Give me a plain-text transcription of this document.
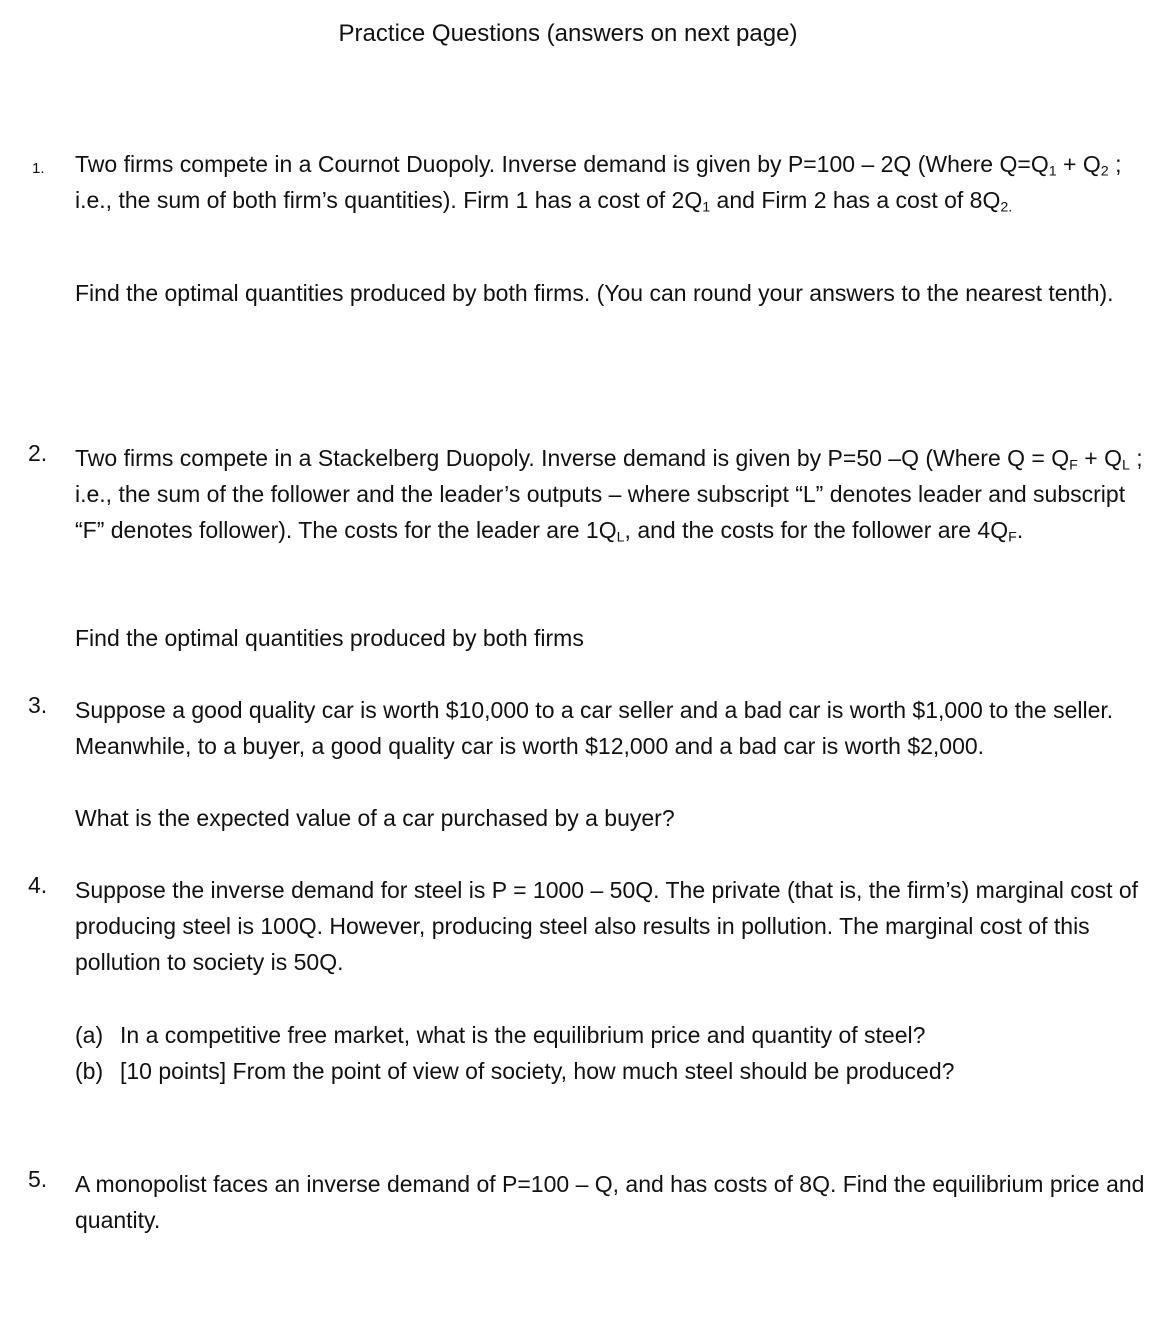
Practice Questions (answers on next page)
1. Two firms compete in a Cournot Duopoly. Inverse demand is given by P=100 – 2Q (Where $Q=Q_1 + Q_2$ ; i.e., the sum of both firm’s quantities). Firm 1 has a cost of $2Q_1$ and Firm 2 has a cost of $8Q_{2.}$
Find the optimal quantities produced by both firms. (You can round your answers to the nearest tenth).
2. Two firms compete in a Stackelberg Duopoly. Inverse demand is given by P=50 –Q (Where $Q = Q_F + Q_L$ ; i.e., the sum of the follower and the leader’s outputs – where subscript “L” denotes leader and subscript “F” denotes follower). The costs for the leader are $1Q_L$, and the costs for the follower are $4Q_F$.
Find the optimal quantities produced by both firms
3. Suppose a good quality car is worth $10,000 to a car seller and a bad car is worth $1,000 to the seller. Meanwhile, to a buyer, a good quality car is worth $12,000 and a bad car is worth $2,000.
What is the expected value of a car purchased by a buyer?
4. Suppose the inverse demand for steel is P = 1000 – 50Q. The private (that is, the firm’s) marginal cost of producing steel is 100Q. However, producing steel also results in pollution. The marginal cost of this pollution to society is 50Q.
(a) In a competitive free market, what is the equilibrium price and quantity of steel?
(b) [10 points] From the point of view of society, how much steel should be produced?
5. A monopolist faces an inverse demand of P=100 – Q, and has costs of 8Q. Find the equilibrium price and quantity.
